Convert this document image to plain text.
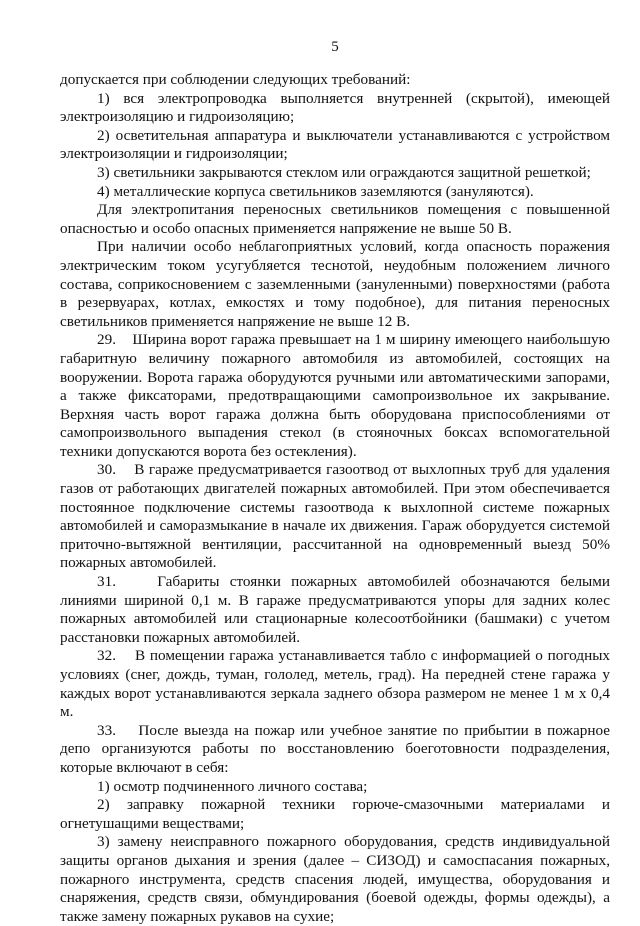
5

допускается при соблюдении следующих требований:

1) вся электропроводка выполняется внутренней (скрытой), имеющей электроизоляцию и гидроизоляцию;

2) осветительная аппаратура и выключатели устанавливаются с устройством электроизоляции и гидроизоляции;

3) светильники закрываются стеклом или ограждаются защитной решеткой;

4) металлические корпуса светильников заземляются (зануляются).

Для электропитания переносных светильников помещения с повышенной опасностью и особо опасных применяется напряжение не выше 50 В.

При наличии особо неблагоприятных условий, когда опасность поражения электрическим током усугубляется теснотой, неудобным положением личного состава, соприкосновением с заземленными (зануленными) поверхностями (работа в резервуарах, котлах, емкостях и тому подобное), для питания переносных светильников применяется напряжение не выше 12 В.

29.    Ширина ворот гаража превышает на 1 м ширину имеющего наибольшую габаритную величину пожарного автомобиля из автомобилей, состоящих на вооружении. Ворота гаража оборудуются ручными или автоматическими запорами, а также фиксаторами, предотвращающими самопроизвольное их закрывание. Верхняя часть ворот гаража должна быть оборудована приспособлениями от самопроизвольного выпадения стекол (в стояночных боксах вспомогательной техники допускаются ворота без остекления).

30.    В гараже предусматривается газоотвод от выхлопных труб для удаления газов от работающих двигателей пожарных автомобилей. При этом обеспечивается постоянное подключение системы газоотвода к выхлопной системе пожарных автомобилей и саморазмыкание в начале их движения. Гараж оборудуется системой приточно-вытяжной вентиляции, рассчитанной на одновременный выезд 50% пожарных автомобилей.

31.    Габариты стоянки пожарных автомобилей обозначаются белыми линиями шириной 0,1 м. В гараже предусматриваются упоры для задних колес пожарных автомобилей или стационарные колесоотбойники (башмаки) с учетом расстановки пожарных автомобилей.

32.    В помещении гаража устанавливается табло с информацией о погодных условиях (снег, дождь, туман, гололед, метель, град). На передней стене гаража у каждых ворот устанавливаются зеркала заднего обзора размером не менее 1 м х 0,4 м.

33.    После выезда на пожар или учебное занятие по прибытии в пожарное депо организуются работы по восстановлению боеготовности подразделения, которые включают в себя:

1) осмотр подчиненного личного состава;

2) заправку пожарной техники горюче-смазочными материалами и огнетушащими веществами;

3) замену неисправного пожарного оборудования, средств индивидуальной защиты органов дыхания и зрения (далее – СИЗОД) и самоспасания пожарных, пожарного инструмента, средств спасения людей, имущества, оборудования и снаряжения, средств связи, обмундирования (боевой одежды, формы одежды), а также замену пожарных рукавов на сухие;
